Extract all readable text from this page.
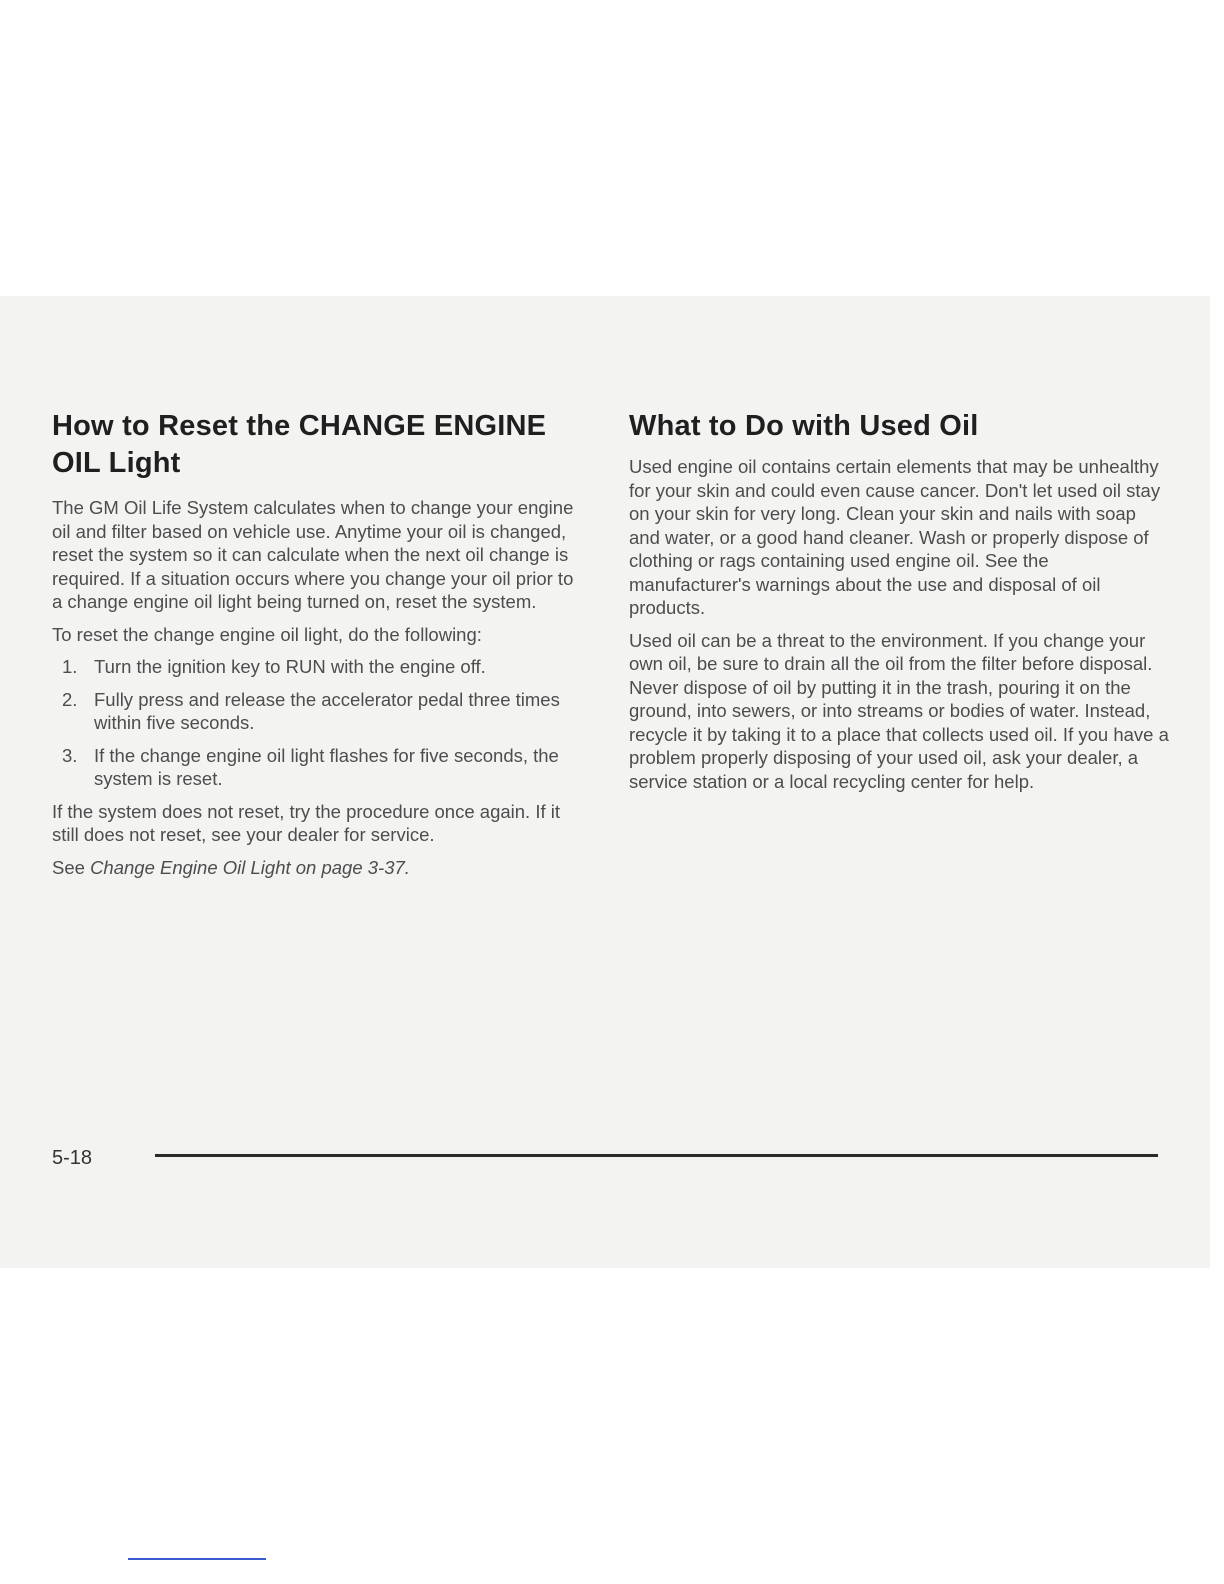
How to Reset the CHANGE ENGINE OIL Light

The GM Oil Life System calculates when to change your engine oil and filter based on vehicle use. Anytime your oil is changed, reset the system so it can calculate when the next oil change is required. If a situation occurs where you change your oil prior to a change engine oil light being turned on, reset the system.

To reset the change engine oil light, do the following:

1. Turn the ignition key to RUN with the engine off.
2. Fully press and release the accelerator pedal three times within five seconds.
3. If the change engine oil light flashes for five seconds, the system is reset.

If the system does not reset, try the procedure once again. If it still does not reset, see your dealer for service.

See Change Engine Oil Light on page 3-37.

What to Do with Used Oil

Used engine oil contains certain elements that may be unhealthy for your skin and could even cause cancer. Don't let used oil stay on your skin for very long. Clean your skin and nails with soap and water, or a good hand cleaner. Wash or properly dispose of clothing or rags containing used engine oil. See the manufacturer's warnings about the use and disposal of oil products.

Used oil can be a threat to the environment. If you change your own oil, be sure to drain all the oil from the filter before disposal. Never dispose of oil by putting it in the trash, pouring it on the ground, into sewers, or into streams or bodies of water. Instead, recycle it by taking it to a place that collects used oil. If you have a problem properly disposing of your used oil, ask your dealer, a service station or a local recycling center for help.

5-18
